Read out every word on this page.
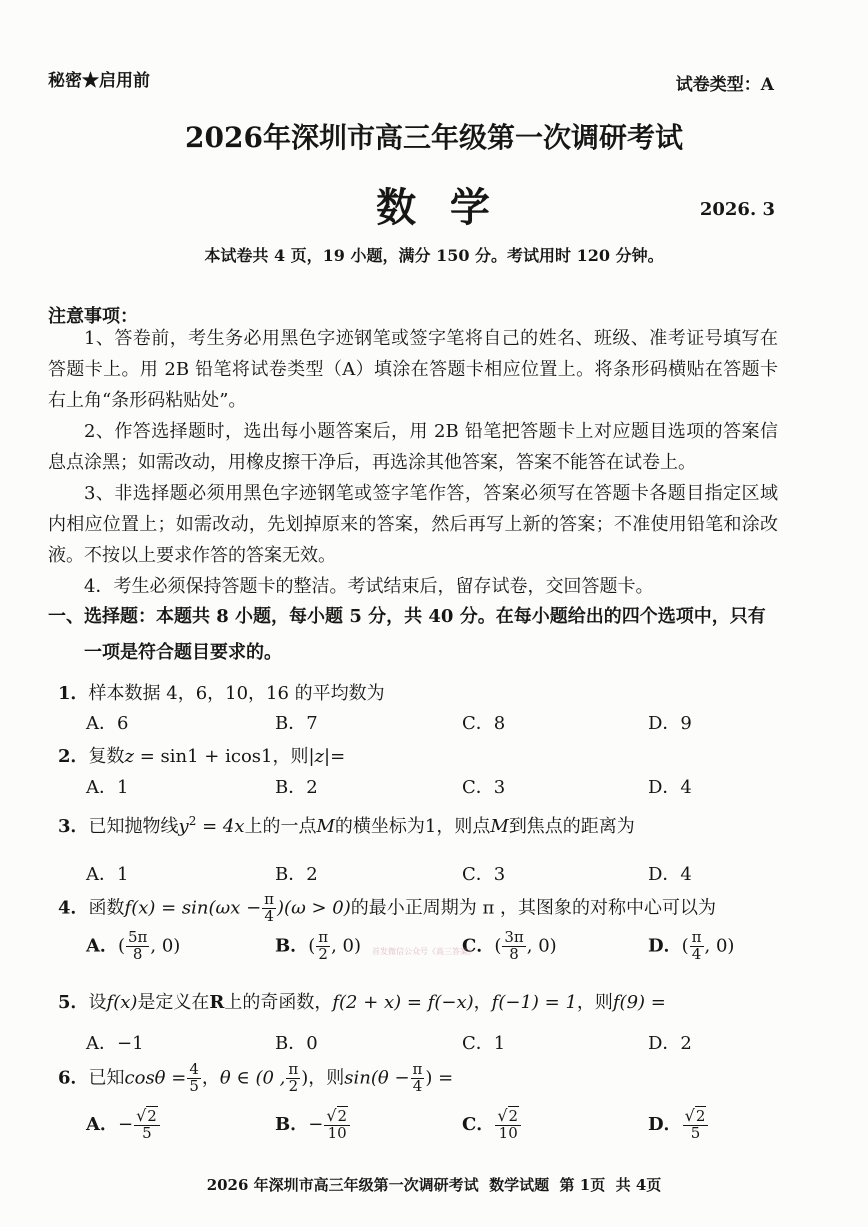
秘密★启用前	试卷类型：A
2026年深圳市高三年级第一次调研考试
数  学	2026. 3
本试卷共 4 页，19 小题，满分 150 分。考试用时 120 分钟。
注意事项：
1、答卷前，考生务必用黑色字迹钢笔或签字笔将自己的姓名、班级、准考证号填写在答题卡上。用 2B 铅笔将试卷类型（A）填涂在答题卡相应位置上。将条形码横贴在答题卡右上角“条形码粘贴处”。
2、作答选择题时，选出每小题答案后，用 2B 铅笔把答题卡上对应题目选项的答案信息点涂黑；如需改动，用橡皮擦干净后，再选涂其他答案，答案不能答在试卷上。
3、非选择题必须用黑色字迹钢笔或签字笔作答，答案必须写在答题卡各题目指定区域内相应位置上；如需改动，先划掉原来的答案，然后再写上新的答案；不准使用铅笔和涂改液。不按以上要求作答的答案无效。
4．考生必须保持答题卡的整洁。考试结束后，留存试卷，交回答题卡。
一、选择题：本题共 8 小题，每小题 5 分，共 40 分。在每小题给出的四个选项中，只有
一项是符合题目要求的。
1．样本数据 4，6，10，16 的平均数为
A．6	B．7	C．8	D．9
2．复数z = sin1 + icos1，则|z|=
A．1	B．2	C．3	D．4
3．已知抛物线$y^2 = 4x$上的一点M的横坐标为1，则点M到焦点的距离为
A．1	B．2	C．3	D．4
4．函数$f(x) = \sin(\omega x - \frac{\pi}{4} )(\omega > 0)$的最小正周期为 π ，其图象的对称中心可以为
A．( $\frac{5\pi}{8}$ , 0)	B．( $\frac{\pi}{2}$ , 0)	C．( $\frac{3\pi}{8}$ , 0)	D．( $\frac{\pi}{4}$ , 0)
首发微信公众号《高三答案》
5．设f(x)是定义在R上的奇函数，f(2 + x) = f(−x)，f(−1) = 1，则f(9) =
A．−1	B．0	C．1	D．2
6．已知$\cos\theta = \frac{4}{5}$ ，θ ∈ (0 , $\frac{\pi}{2}$ )，则$\sin(\theta - \frac{\pi}{4}$ ) =
A．− $\frac{√2}{5}$	B．− $\frac{√2}{10}$	C． $\frac{√2}{10}$	D． $\frac{√2}{5}$
2026 年深圳市高三年级第一次调研考试  数学试题  第 1页  共 4页
